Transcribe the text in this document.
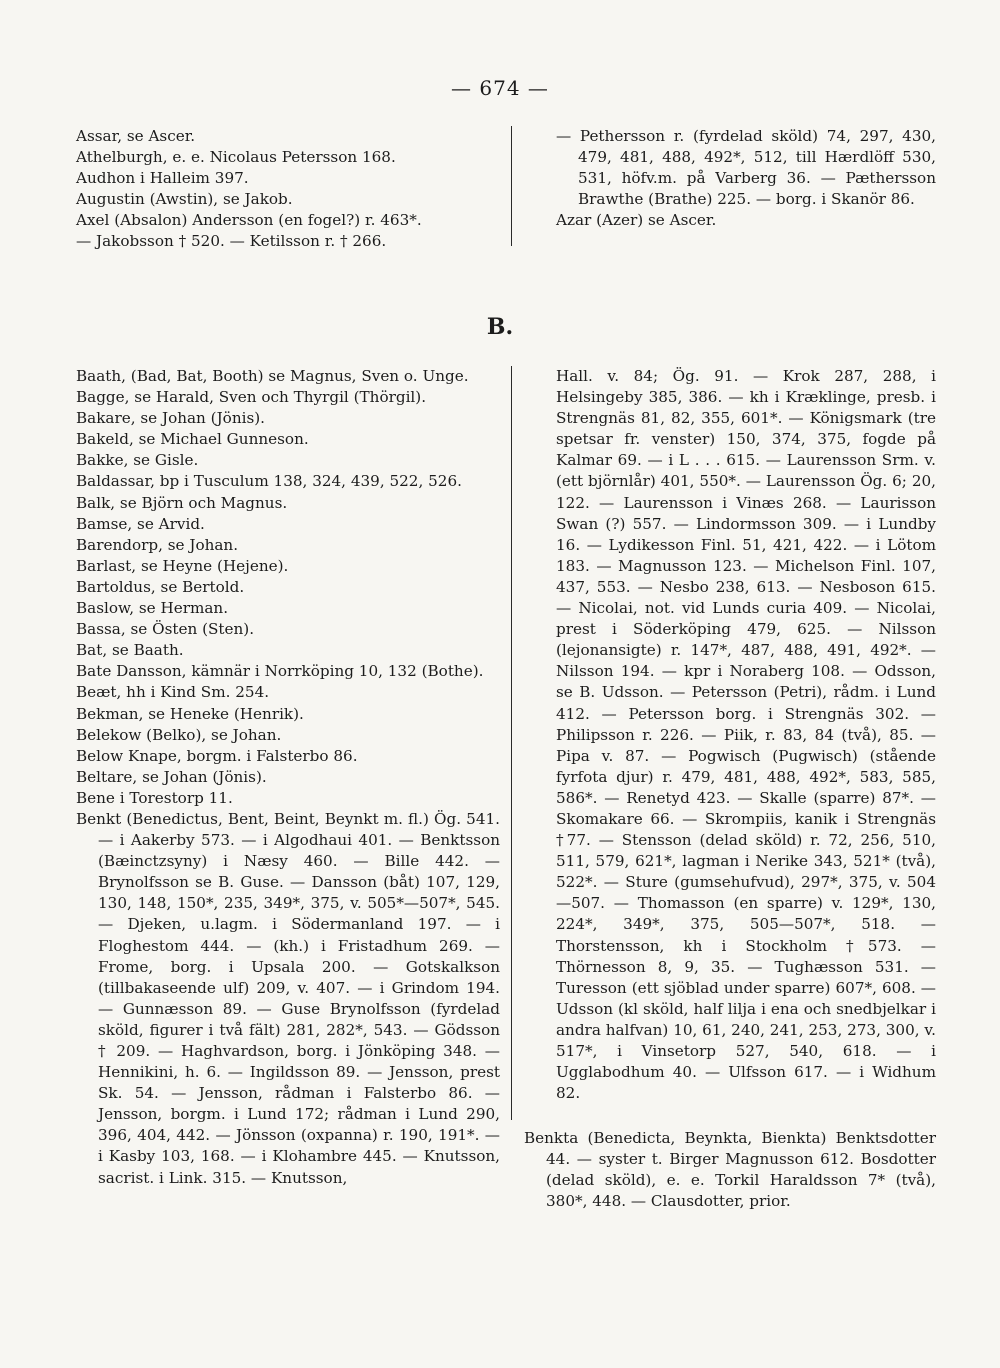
— 674 —

Assar, se Ascer.

Athelburgh, e. e. Nicolaus Petersson 168.

Audhon i Halleim 397.

Augustin (Awstin), se Jakob.

Axel (Absalon) Andersson (en fogel?) r. 463*.

— Jakobsson † 520. — Ketilsson r. † 266.

— Pethersson r. (fyrdelad sköld) 74, 297, 430, 479, 481, 488, 492*, 512, till Hærdlöff 530, 531, höfv.m. på Varberg 36. — Pæthersson Brawthe (Brathe) 225. — borg. i Skanör 86.

Azar (Azer) se Ascer.

B.

Baath, (Bad, Bat, Booth) se Magnus, Sven o. Unge.

Bagge, se Harald, Sven och Thyrgil (Thörgil).

Bakare, se Johan (Jönis).

Bakeld, se Michael Gunneson.

Bakke, se Gisle.

Baldassar, bp i Tusculum 138, 324, 439, 522, 526.

Balk, se Björn och Magnus.

Bamse, se Arvid.

Barendorp, se Johan.

Barlast, se Heyne (Hejene).

Bartoldus, se Bertold.

Baslow, se Herman.

Bassa, se Östen (Sten).

Bat, se Baath.

Bate Dansson, kämnär i Norrköping 10, 132 (Bothe).

Beæt, hh i Kind Sm. 254.

Bekman, se Heneke (Henrik).

Belekow (Belko), se Johan.

Below Knape, borgm. i Falsterbo 86.

Beltare, se Johan (Jönis).

Bene i Torestorp 11.

Benkt (Benedictus, Bent, Beint, Beynkt m. fl.) Ög. 541. — i Aakerby 573. — i Algodhaui 401. — Benktsson (Bæinctzsyny) i Næsy 460. — Bille 442. — Brynolfsson se B. Guse. — Dansson (båt) 107, 129, 130, 148, 150*, 235, 349*, 375, v. 505*—507*, 545. — Djeken, u.lagm. i Södermanland 197. — i Floghestom 444. — (kh.) i Fristadhum 269. — Frome, borg. i Upsala 200. — Gotskalkson (tillbakaseende ulf) 209, v. 407. — i Grindom 194. — Gunnæsson 89. — Guse Brynolfsson (fyrdelad sköld, figurer i två fält) 281, 282*, 543. — Gödsson † 209. — Haghvardson, borg. i Jönköping 348. — Hennikini, h. 6. — Ingildsson 89. — Jensson, prest Sk. 54. — Jensson, rådman i Falsterbo 86. — Jensson, borgm. i Lund 172; rådman i Lund 290, 396, 404, 442. — Jönsson (oxpanna) r. 190, 191*. — i Kasby 103, 168. — i Klohambre 445. — Knutsson, sacrist. i Link. 315. — Knutsson,

Hall. v. 84; Ög. 91. — Krok 287, 288, i Helsingeby 385, 386. — kh i Kræklinge, presb. i Strengnäs 81, 82, 355, 601*. — Königsmark (tre spetsar fr. venster) 150, 374, 375, fogde på Kalmar 69. — i L . . . 615. — Laurensson Srm. v. (ett björnlår) 401, 550*. — Laurensson Ög. 6; 20, 122. — Laurensson i Vinæs 268. — Laurisson Swan (?) 557. — Lindormsson 309. — i Lundby 16. — Lydikesson Finl. 51, 421, 422. — i Lötom 183. — Magnusson 123. — Michelson Finl. 107, 437, 553. — Nesbo 238, 613. — Nesboson 615. — Nicolai, not. vid Lunds curia 409. — Nicolai, prest i Söderköping 479, 625. — Nilsson (lejonansigte) r. 147*, 487, 488, 491, 492*. — Nilsson 194. — kpr i Noraberg 108. — Odsson, se B. Udsson. — Petersson (Petri), rådm. i Lund 412. — Petersson borg. i Strengnäs 302. — Philipsson r. 226. — Piik, r. 83, 84 (två), 85. — Pipa v. 87. — Pogwisch (Pugwisch) (stående fyrfota djur) r. 479, 481, 488, 492*, 583, 585, 586*. — Renetyd 423. — Skalle (sparre) 87*. — Skomakare 66. — Skrompiis, kanik i Strengnäs †77. — Stensson (delad sköld) r. 72, 256, 510, 511, 579, 621*, lagman i Nerike 343, 521* (två), 522*. — Sture (gumsehufvud), 297*, 375, v. 504—507. — Thomasson (en sparre) v. 129*, 130, 224*, 349*, 375, 505—507*, 518. — Thorstensson, kh i Stockholm †573. — Thörnesson 8, 9, 35. — Tughæsson 531. — Turesson (ett sjöblad under sparre) 607*, 608. — Udsson (kl sköld, half lilja i ena och snedbjelkar i andra halfvan) 10, 61, 240, 241, 253, 273, 300, v. 517*, i Vinsetorp 527, 540, 618. — i Ugglabodhum 40. — Ulfsson 617. — i Widhum 82.

Benkta (Benedicta, Beynkta, Bienkta) Benktsdotter 44. — syster t. Birger Magnusson 612. Bosdotter (delad sköld), e. e. Torkil Haraldsson 7* (två), 380*, 448. — Clausdotter, prior.
